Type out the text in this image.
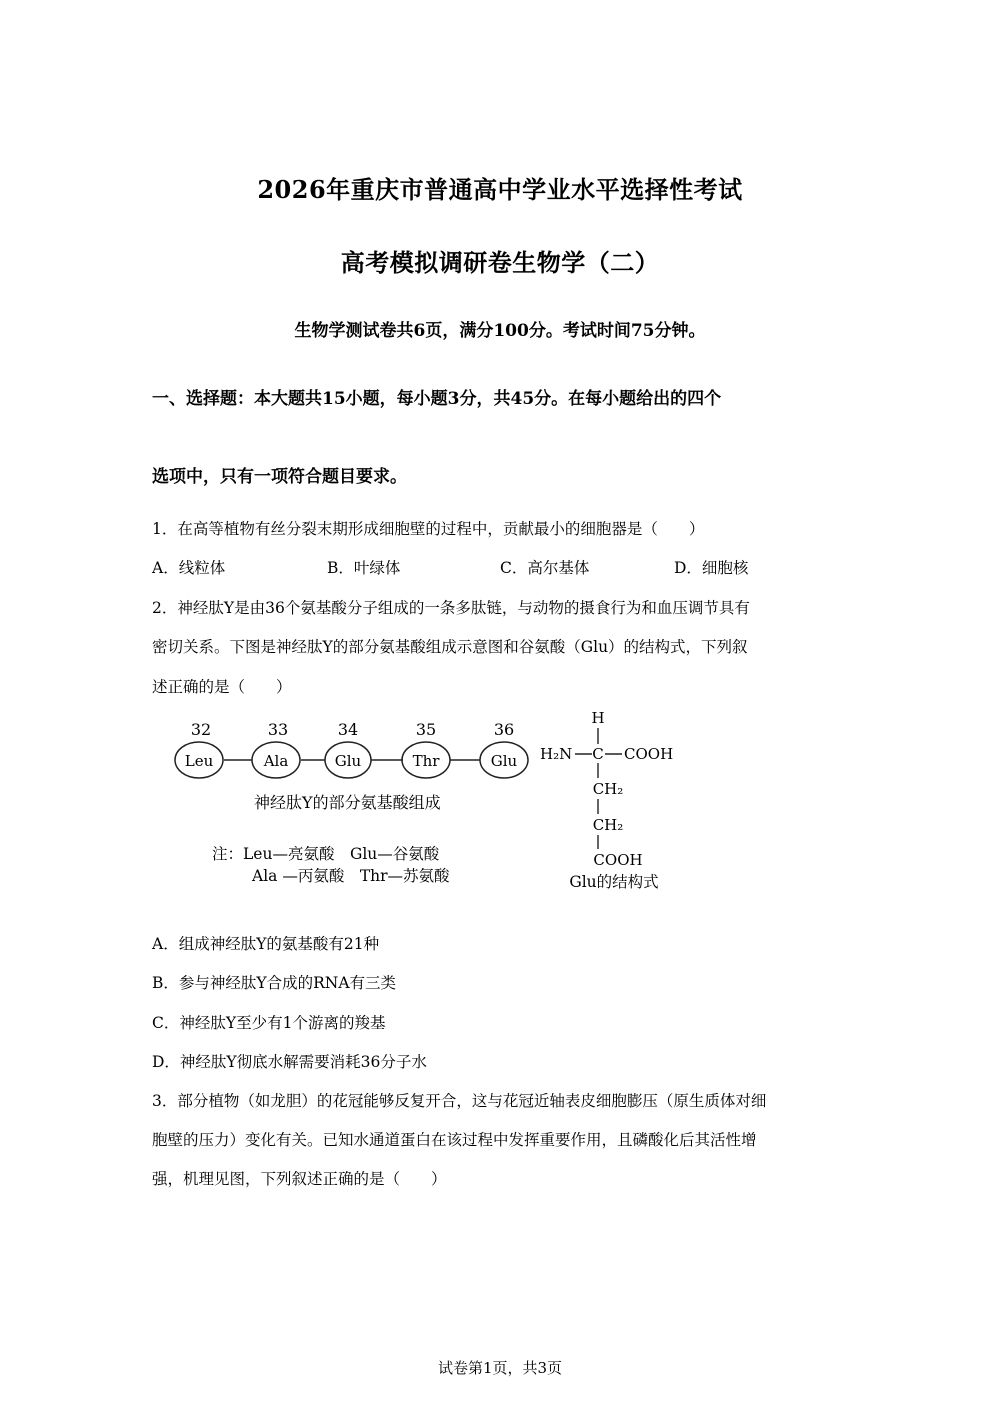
2026年重庆市普通高中学业水平选择性考试
高考模拟调研卷生物学（二）
生物学测试卷共6页，满分100分。考试时间75分钟。
一、选择题：本大题共15小题，每小题3分，共45分。在每小题给出的四个
选项中，只有一项符合题目要求。
1．在高等植物有丝分裂末期形成细胞壁的过程中，贡献最小的细胞器是（　　）
A．线粒体	B．叶绿体	C．高尔基体	D．细胞核
2．神经肽Y是由36个氨基酸分子组成的一条多肽链，与动物的摄食行为和血压调节具有
密切关系。下图是神经肽Y的部分氨基酸组成示意图和谷氨酸（Glu）的结构式，下列叙
述正确的是（　　）
32	33	34	35	36
Leu	Ala	Glu	Thr	Glu
神经肽Y的部分氨基酸组成
注：Leu—亮氨酸　Glu—谷氨酸
Ala —丙氨酸　Thr—苏氨酸
H
H₂N C COOH
CH₂
CH₂
COOH
Glu的结构式
A．组成神经肽Y的氨基酸有21种
B．参与神经肽Y合成的RNA有三类
C．神经肽Y至少有1个游离的羧基
D．神经肽Y彻底水解需要消耗36分子水
3．部分植物（如龙胆）的花冠能够反复开合，这与花冠近轴表皮细胞膨压（原生质体对细
胞壁的压力）变化有关。已知水通道蛋白在该过程中发挥重要作用，且磷酸化后其活性增
强，机理见图，下列叙述正确的是（　　）
试卷第1页，共3页
